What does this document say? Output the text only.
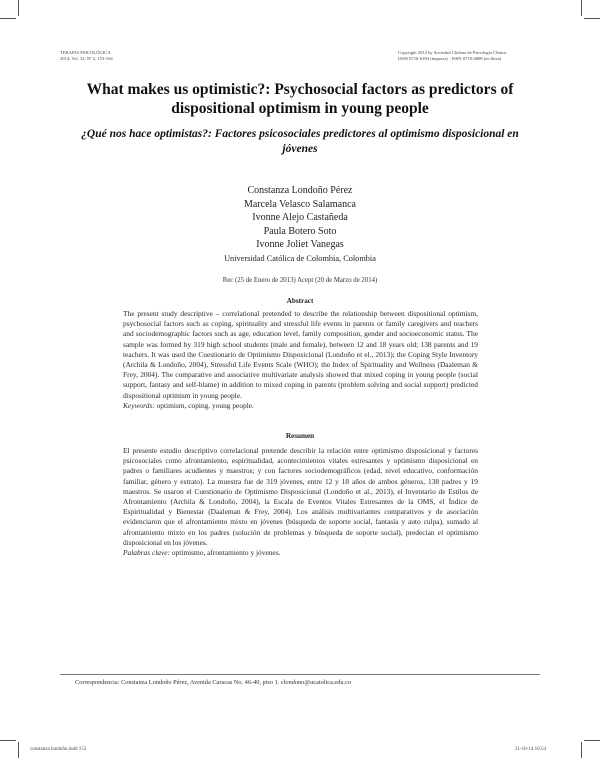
TERAPIA PSICOLÓGICA
2014, Vol. 32, Nº 2, 153-164
Copyright 2014 by Sociedad Chilena de Psicología Clínica
ISSN 0716-6184 (impresa) · ISSN 0718-4808 (en línea)
What makes us optimistic?: Psychosocial factors as predictors of dispositional optimism in young people
¿Qué nos hace optimistas?: Factores psicosociales predictores al optimismo disposicional en jóvenes
Constanza Londoño Pérez
Marcela Velasco Salamanca
Ivonne Alejo Castañeda
Paula Botero Soto
Ivonne Joliet Vanegas
Universidad Católica de Colombia, Colombia
Rec (25 de Enero de 2013) Acept (20 de Marzo de 2014)
Abstract
The present study descriptive – correlational pretended to describe the relationship between dispositional optimism, psychosocial factors such as coping, spirituality and stressful life events in parents or family caregivers and teachers and sociodemographic factors such as age, education level, family composition, gender and socioeconomic status. The sample was formed by 319 high school students (male and female), between 12 and 18 years old; 138 parents and 19 teachers. It was used the Cuestionario de Optimismo Disposicional (Londoño et el., 2013); the Coping Style Inventory (Archila & Londoño, 2004), Stressful Life Events Scale (WHO); the Index of Spirituality and Wellness (Daaleman & Frey, 2004). The comparative and associative multivariate analysis showed that mixed coping in young people (social support, fantasy and self-blame) in addition to mixed coping in parents (problem solving and social support) predicted dispositional optimism in young people.
Keywords: optimism, coping, young people.
Resumen
El presente estudio descriptivo correlacional pretende describir la relación entre optimismo disposicional y factores psicosociales como afrontamiento, espiritualidad, acontecimientos vitales estresantes y optimismo disposicional en padres o familiares acudientes y maestros; y con factores sociodemográficos (edad, nivel educativo, conformación familiar, género y estrato). La muestra fue de 319 jóvenes, entre 12 y 18 años de ambos géneros, 138 padres y 19 maestros. Se usaron el Cuestionario de Optimismo Disposicional (Londoño et al., 2013), el Inventario de Estilos de Afrontamiento (Archila & Londoño, 2004), la Escala de Eventos Vitales Estresantes de la OMS, el Índice de Espiritualidad y Bienestar (Daaleman & Frey, 2004). Los análisis multivariantes comparativos y de asociación evidenciaron que el afrontamiento mixto en jóvenes (búsqueda de soporte social, fantasía y auto culpa), sumado al afrontamiento mixto en los padres (solución de problemas y búsqueda de soporte social), predecían el optimismo disposicional en los jóvenes.
Palabras clave: optimismo, afrontamiento y jóvenes.
Correspondencia: Constanza Londoño Pérez, Avenida Caracas No. 46-40, piso 1. clondono@ucatolica.edu.co
constanza londoño.indd 153	21-10-14 10:54
